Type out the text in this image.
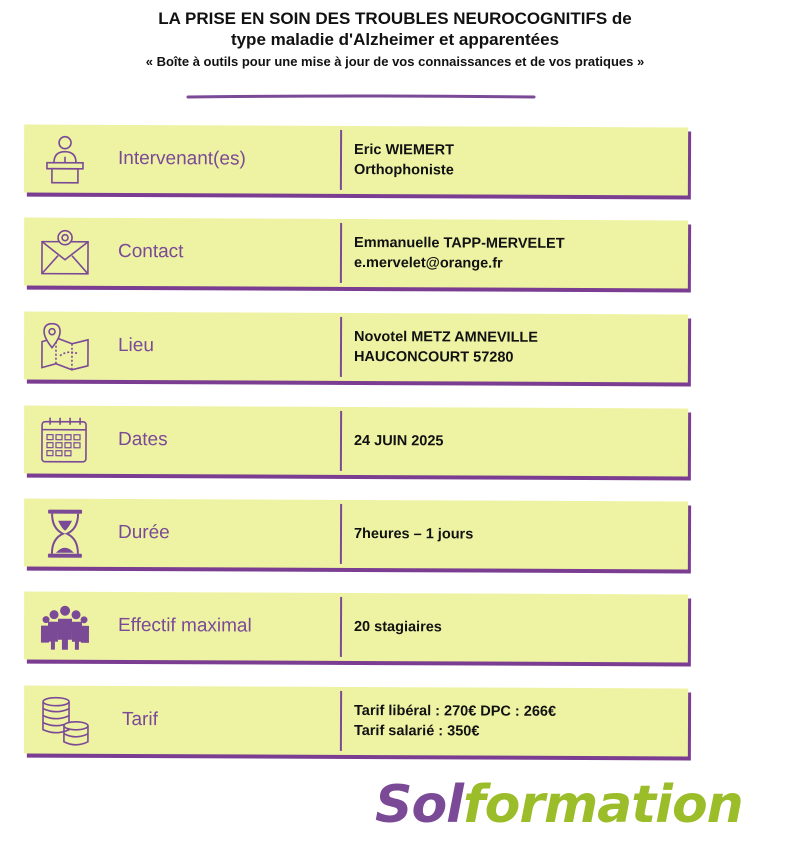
LA PRISE EN SOIN DES TROUBLES NEUROCOGNITIFS de
type maladie d'Alzheimer et apparentées
« Boîte à outils pour une mise à jour de vos connaissances et de vos pratiques »
Intervenant(es)	Eric WIEMERT
Orthophoniste
Contact	Emmanuelle TAPP-MERVELET
e.mervelet@orange.fr
Lieu	Novotel METZ AMNEVILLE
HAUCONCOURT 57280
Dates	24 JUIN 2025
Durée	7heures – 1 jours
Effectif maximal	20 stagiaires
Tarif	Tarif libéral : 270€ DPC : 266€
Tarif salarié : 350€
Solformation
